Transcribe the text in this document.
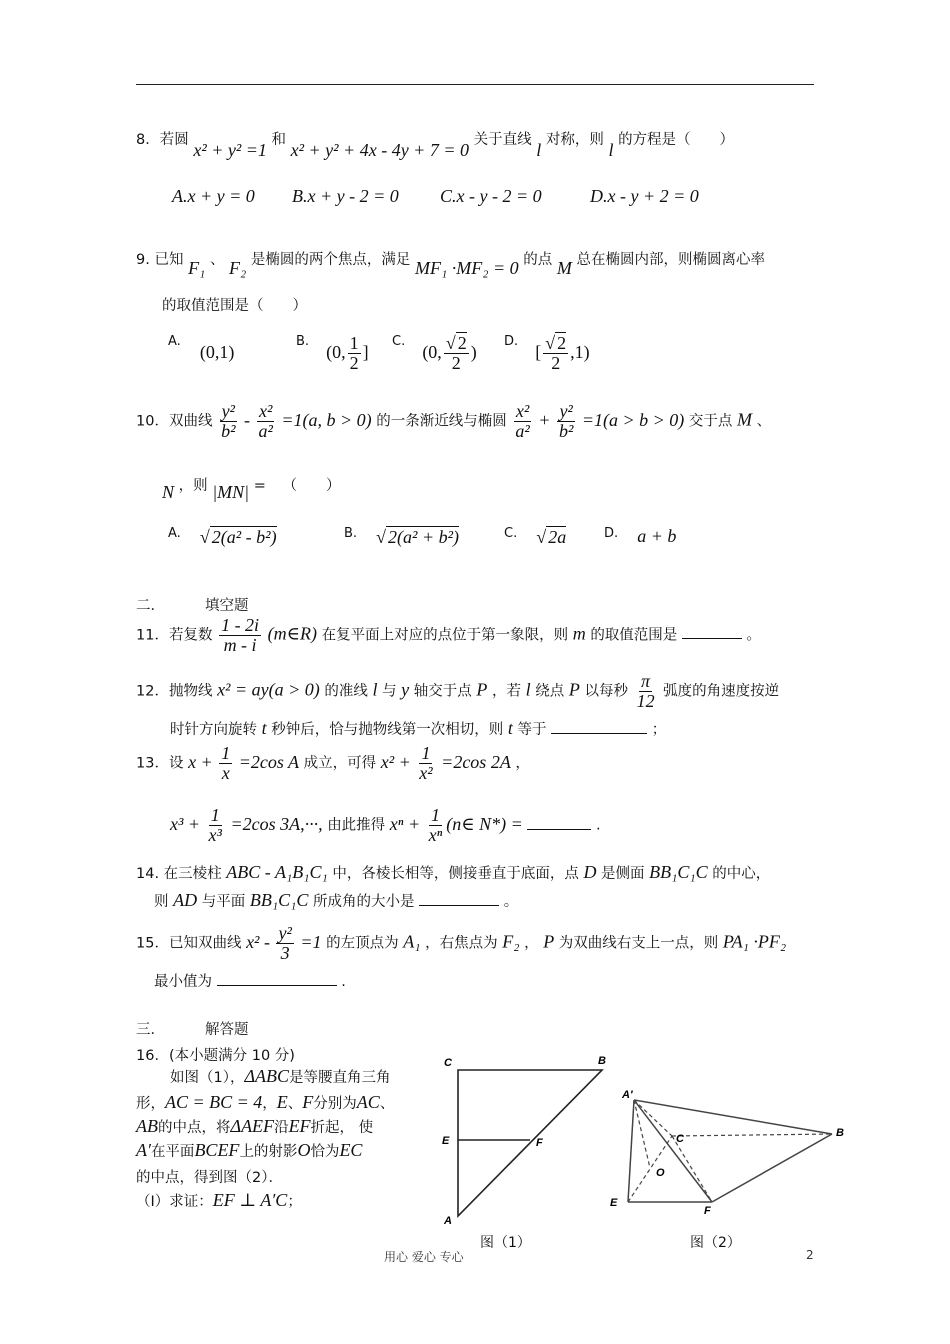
8．若圆 x² + y² =1 和 x² + y² + 4x - 4y + 7 = 0 关于直线 l 对称，则 l 的方程是（　　）
A.x + y = 0 B.x + y - 2 = 0 C.x - y - 2 = 0	D.x - y + 2 = 0
9. 已知 F₁ 、 F₂ 是椭圆的两个焦点，满足 MF₁ ·MF₂ = 0 的点 M 总在椭圆内部，则椭圆离心率
的取值范围是（　　）
$^{A.}$ (0,1)
$^{B.}$ (0, $\frac{1}{2}$ ]
$^{C.}$ (0, $\frac{√ 2}{2}$ )
$^{D.}$ [ $\frac{√ 2}{2} ,1$)
10．双曲线 $\frac{\text{y²}}{\text{b²}} - \frac{\text{x²}}{\text{a²}} =1(a$, b > 0) 的一条渐近线与椭圆 $\frac{\text{x²}}{\text{a²}} + \frac{\text{y²}}{\text{b²}} =1(a > b > 0)$ 交于点 M 、
N ，则 |MN| = （　　）
$^{A.}$ √ 2(a² - b²)	$^{B.}$ √ 2(a² + b²)	$^{C.}$ √ 2a	$^{D.}$ a + b
二．	填空题
11．若复数 $\frac{1 - 2i}{m - i}$ (m∈R) 在复平面上对应的点位于第一象限，则 m 的取值范围是	。
12．抛物线 x² = ay(a > 0) 的准线 l 与 y 轴交于点 P ，若 l 绕点 P 以每秒 $\frac{\pi}{12}$ 弧度的角速度按逆
时针方向旋转 t 秒钟后，恰与抛物线第一次相切，则 t 等于	；
13．设 $x + \frac{1}{x} =2\cos$ A 成立，可得 $x^2 + \frac{1}{\text{x²}} =2\cos$ 2A ，
$x^3 + \frac{1}{\text{x³}} =2\cos$ 3A,···, 由此推得 $x^n + \frac{1}{\text{xⁿ}}$ (n∈ N*) =	.
14. 在三棱柱 ABC - A₁B₁C₁ 中，各棱长相等，侧接垂直于底面，点 D 是侧面 BB₁C₁C 的中心，
则 AD 与平面 BB₁C₁C 所成角的大小是	。
15．已知双曲线 $x^2 - \frac{\text{y²}}{3} =1$ 的左顶点为 A₁ ，右焦点为 F₂ ， P 为双曲线右支上一点，则 PA₁ ·PF₂
最小值为	.
三．	解答题
16．(本小题满分 10 分)
如图（1），ΔABC是等腰直角三角
形，AC = BC = 4，E、F分别为AC、
AB的中点，将ΔAEF沿EF折起， 使
A′在平面BCEF上的射影O恰为EC
的中点，得到图（2）．
（Ⅰ）求证：EF ⊥ A′C；
C	B
E	F
A
图（1）
A′
C	B
O
E
F
图（2）
用心 爱心 专心	2
